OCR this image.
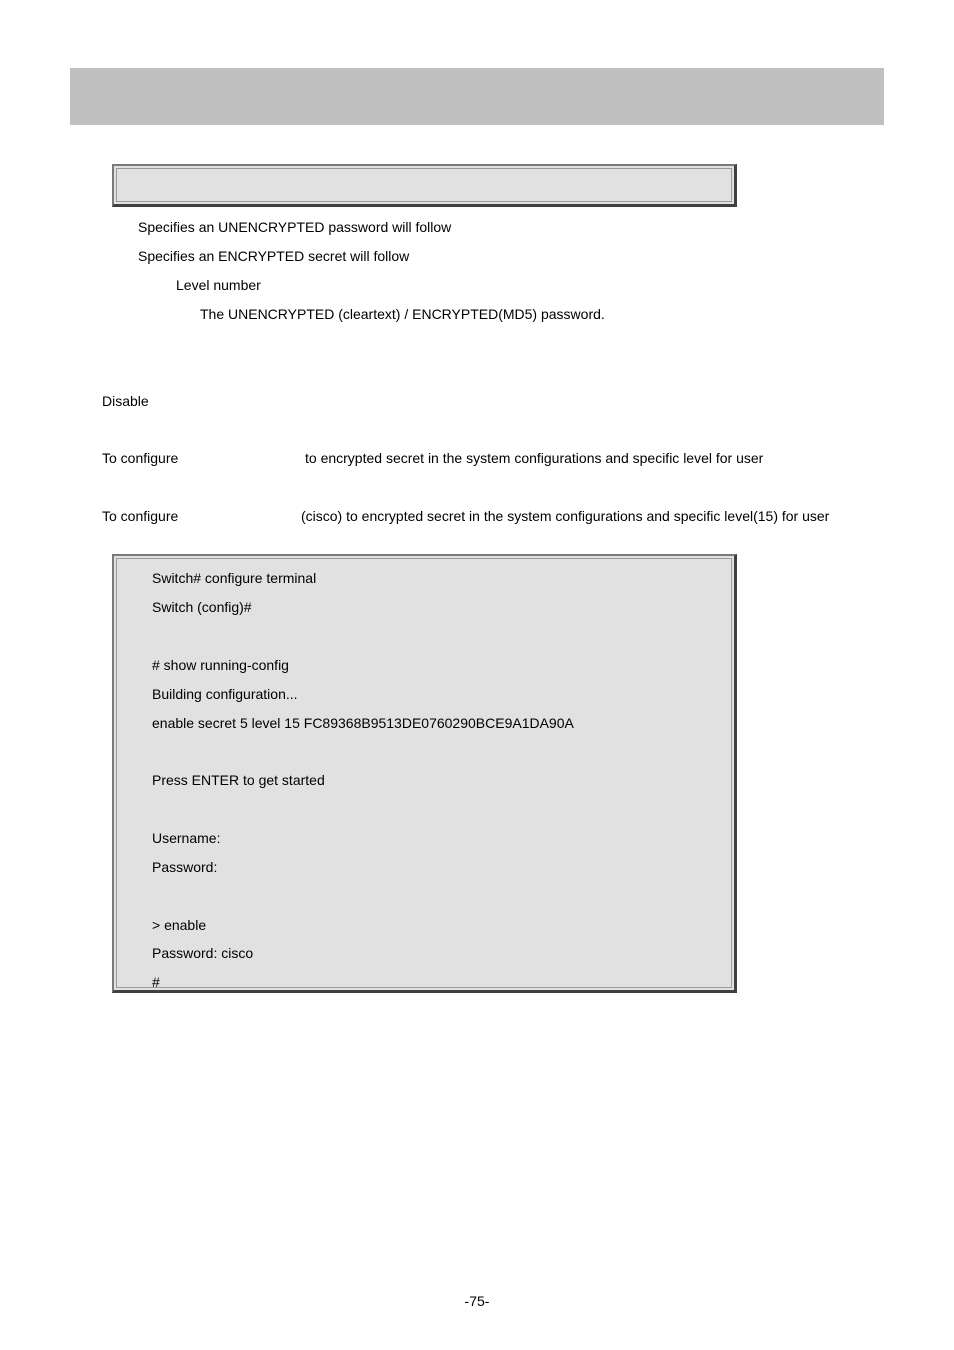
Specifies an UNENCRYPTED password will follow
Specifies an ENCRYPTED secret will follow
Level number
The UNENCRYPTED (cleartext) / ENCRYPTED(MD5) password.
Disable
To configure	to encrypted secret in the system configurations and specific level for user
To configure	(cisco) to encrypted secret in the system configurations and specific level(15) for user
Switch# configure terminal
Switch (config)#
# show running-config
Building configuration...
enable secret 5 level 15 FC89368B9513DE0760290BCE9A1DA90A
Press ENTER to get started
Username:
Password:
> enable
Password: cisco
#
-75-
